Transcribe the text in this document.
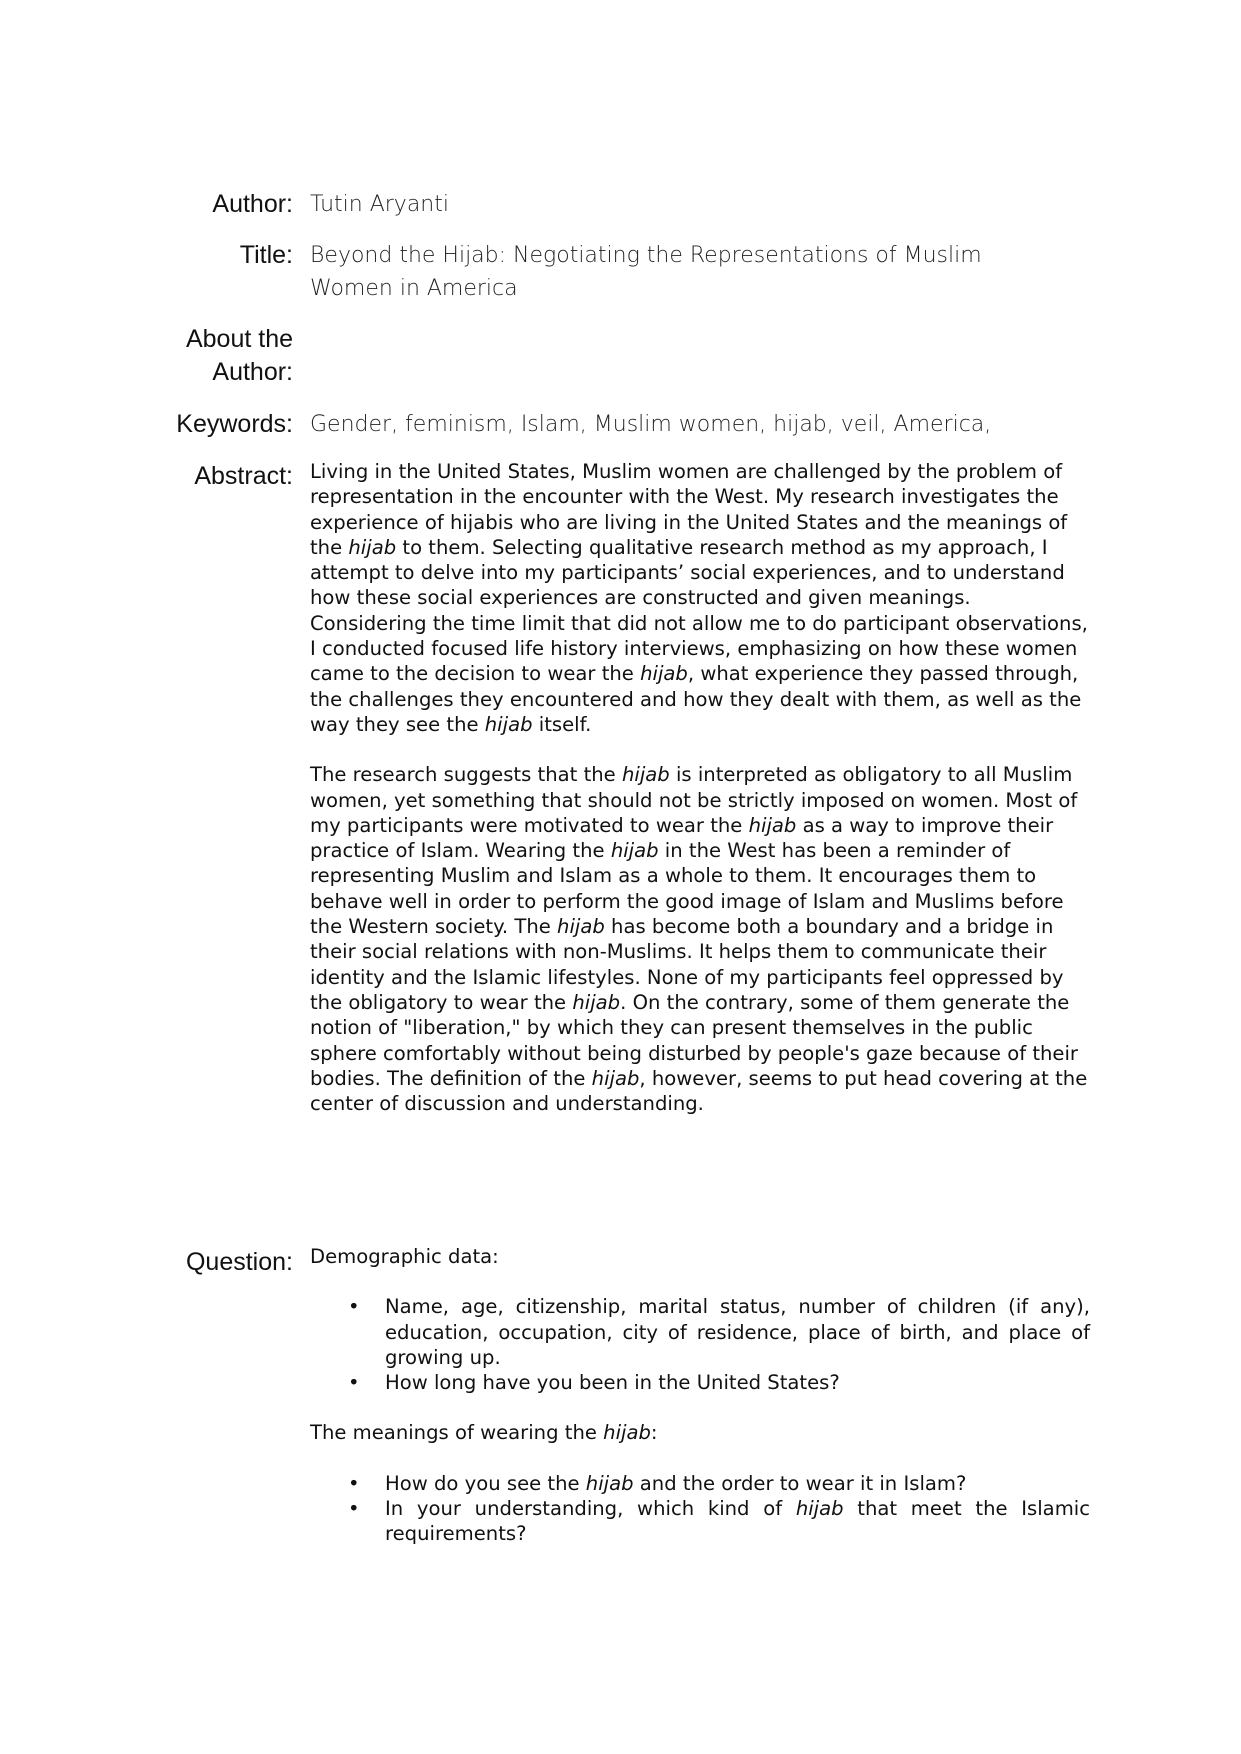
Author: Tutin Aryanti
Title: Beyond the Hijab: Negotiating the Representations of Muslim
Women in America
About the
Author:
Keywords: Gender, feminism, Islam, Muslim women, hijab, veil, America,
Abstract: Living in the United States, Muslim women are challenged by the problem of representation in the encounter with the West. My research investigates the experience of hijabis who are living in the United States and the meanings of the hijab to them. Selecting qualitative research method as my approach, I attempt to delve into my participants’ social experiences, and to understand how these social experiences are constructed and given meanings. Considering the time limit that did not allow me to do participant observations, I conducted focused life history interviews, emphasizing on how these women came to the decision to wear the hijab, what experience they passed through, the challenges they encountered and how they dealt with them, as well as the way they see the hijab itself.

The research suggests that the hijab is interpreted as obligatory to all Muslim women, yet something that should not be strictly imposed on women. Most of my participants were motivated to wear the hijab as a way to improve their practice of Islam. Wearing the hijab in the West has been a reminder of representing Muslim and Islam as a whole to them. It encourages them to behave well in order to perform the good image of Islam and Muslims before the Western society. The hijab has become both a boundary and a bridge in their social relations with non-Muslims. It helps them to communicate their identity and the Islamic lifestyles. None of my participants feel oppressed by the obligatory to wear the hijab. On the contrary, some of them generate the notion of "liberation," by which they can present themselves in the public sphere comfortably without being disturbed by people's gaze because of their bodies. The definition of the hijab, however, seems to put head covering at the center of discussion and understanding.

Question: Demographic data:
• Name, age, citizenship, marital status, number of children (if any), education, occupation, city of residence, place of birth, and place of growing up.
• How long have you been in the United States?
The meanings of wearing the hijab:
• How do you see the hijab and the order to wear it in Islam?
• In your understanding, which kind of hijab that meet the Islamic requirements?
